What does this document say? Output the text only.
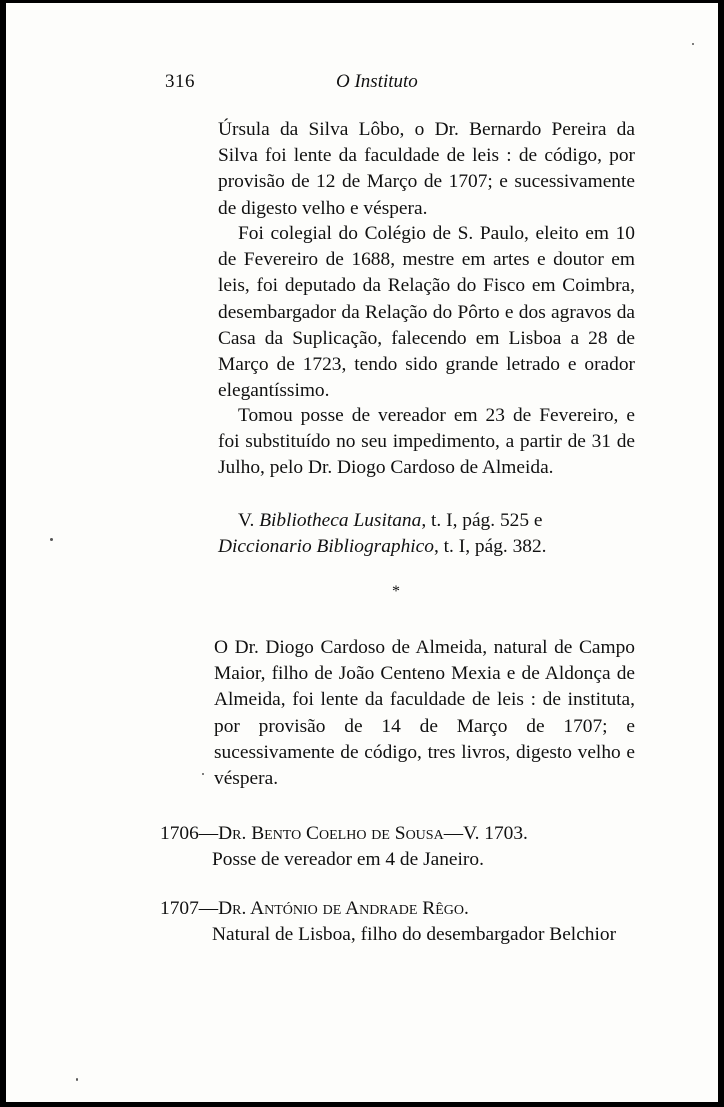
316	O Instituto

Úrsula da Silva Lôbo, o Dr. Bernardo Pereira da Silva foi lente da faculdade de leis : de código, por provisão de 12 de Março de 1707; e sucessivamente de digesto velho e véspera.

Foi colegial do Colégio de S. Paulo, eleito em 10 de Fevereiro de 1688, mestre em artes e doutor em leis, foi deputado da Relação do Fisco em Coimbra, desembargador da Relação do Pôrto e dos agravos da Casa da Suplicação, falecendo em Lisboa a 28 de Março de 1723, tendo sido grande letrado e orador elegantíssimo.

Tomou posse de vereador em 23 de Fevereiro, e foi substituído no seu impedimento, a partir de 31 de Julho, pelo Dr. Diogo Cardoso de Almeida.

V. Bibliotheca Lusitana, t. I, pág. 525 e Diccionario Bibliographico, t. I, pág. 382.

*

O Dr. Diogo Cardoso de Almeida, natural de Campo Maior, filho de João Centeno Mexia e de Aldonça de Almeida, foi lente da faculdade de leis : de instituta, por provisão de 14 de Março de 1707; e sucessivamente de código, tres livros, digesto velho e véspera.

1706—Dr. Bento Coelho de Sousa—V. 1703.
Posse de vereador em 4 de Janeiro.
1707—Dr. António de Andrade Rêgo.
Natural de Lisboa, filho do desembargador Belchior
